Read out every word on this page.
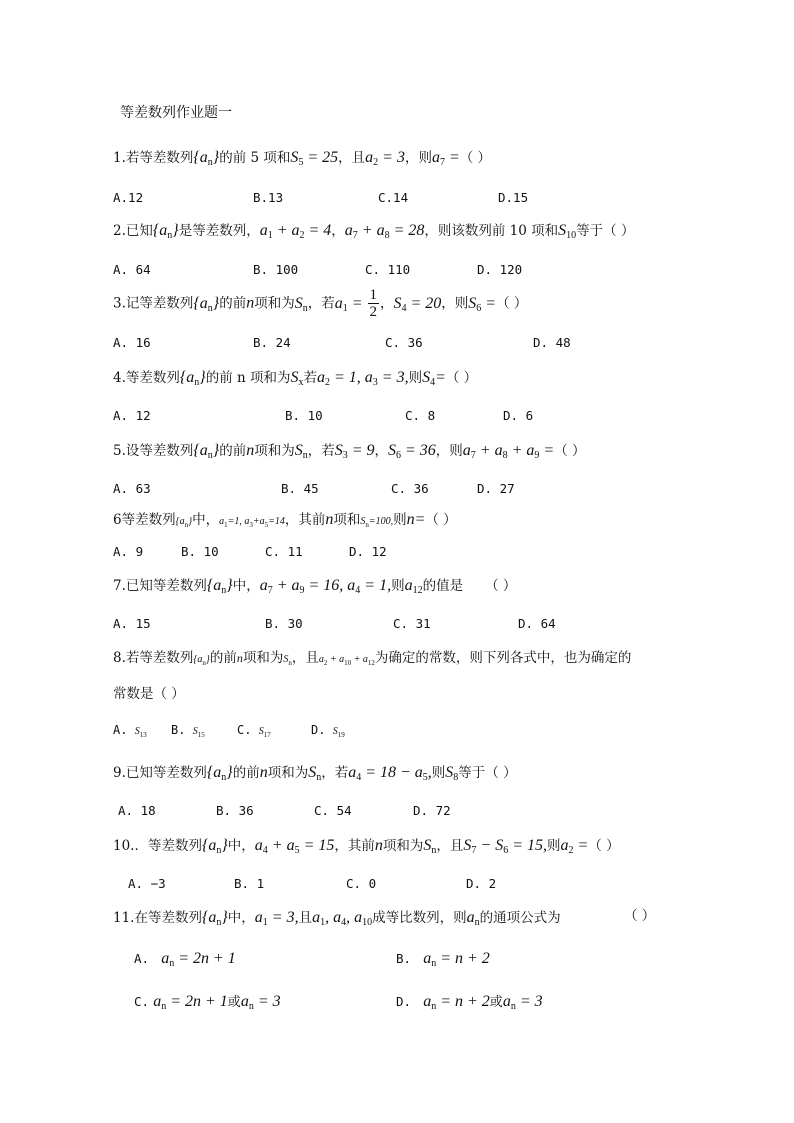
等差数列作业题一
1.若等差数列$\{a_n\}$的前 5 项和$S_5 = 25$，且$a_2 = 3$，则$a_7$ =（ ）
A.12	B.13	C.14	D.15
2.已知$\{a_n\}$是等差数列，$a_1 + a_2 = 4$，$a_7 + a_8 = 28$，则该数列前 10 项和$S_{10}$等于（ ）
A. 64	B. 100	C. 110	D. 120
3.记等差数列$\{a_n\}$的前n项和为$S_n$，若$a_1 = \frac{1}{2}$ ，$S_4 = 20$，则$S_6$ =（ ）
A. 16	B. 24	C. 36	D. 48
4.等差数列$\{a_n\}$的前 n 项和为$S_x$若$a_2 = 1$, $a_3 = 3$,则$S_4=$（ ）
A. 12	B. 10	C. 8	D. 6
5.设等差数列$\{a_n\}$的前n项和为$S_n$，若$S_3 = 9$，$S_6 = 36$，则$a_7 + a_8 + a_9$ =（ ）
A. 63	B. 45	C. 36	D. 27
6等差数列$\{a_n\}$中，$a_1=1$, $a_3+a_5=14$，其前n项和$S_n=100$,则n=（ ）
A. 9	B. 10	C. 11	D. 12
7.已知等差数列$\{a_n\}$中，$a_7 + a_9 = 16$, $a_4 = 1$,则$a_{12}$的值是 （ ）
A. 15	B. 30	C. 31	D. 64
8.若等差数列$\{a_n\}$的前n项和为$S_n$，且$a_2 + a_{10} + a_{12}$为确定的常数，则下列各式中，也为确定的
常数是（ ）
A. $S_{13}$ B. $S_{15}$	C. $S_{17}$	D. $S_{19}$
9.已知等差数列$\{a_n\}$的前n项和为$S_n$，若$a_4 = 18 - a_5$,则$S_8$等于（ ）
A. 18	B. 36	C. 54	D. 72
10.．等差数列$\{a_n\}$中，$a_4 + a_5 = 15$，其前n项和为$S_n$，且$S_7 - S_6 = 15$,则$a_2$ =（ ）
A. −3	B. 1	C. 0	D. 2
11.在等差数列$\{a_n\}$中，$a_1 = 3$,且$a_1$, $a_4$, $a_{10}$成等比数列，则$a_n$的通项公式为	（ ）
A. $a_n = 2n + 1$	B. $a_n = n + 2$
C. $a_n = 2n + 1$或$a_n = 3$	D. $a_n = n + 2$或$a_n = 3$
